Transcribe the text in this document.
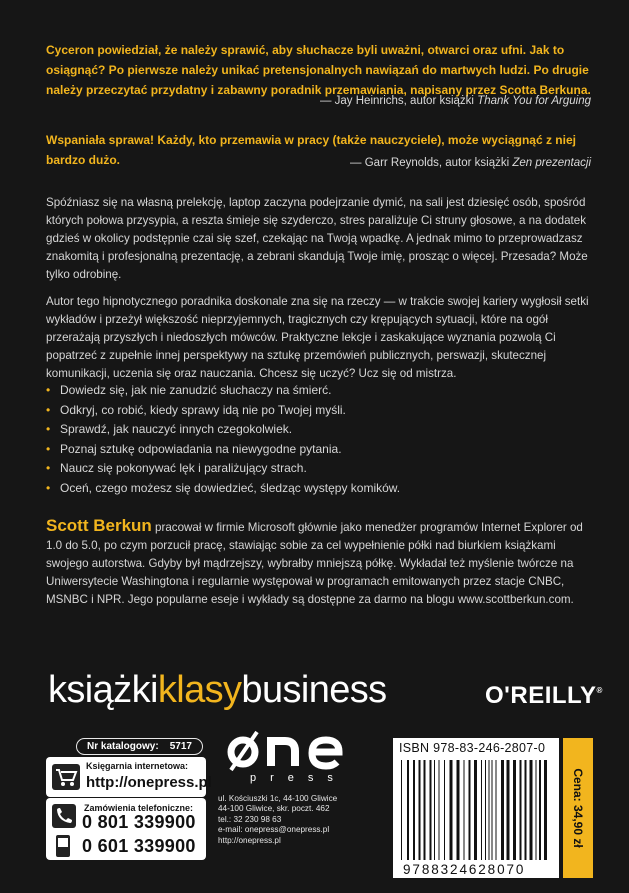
Cyceron powiedział, że należy sprawić, aby słuchacze byli uważni, otwarci oraz ufni. Jak to osiągnąć? Po pierwsze należy unikać pretensjonalnych nawiązań do martwych ludzi. Po drugie należy przeczytać przydatny i zabawny poradnik przemawiania, napisany przez Scotta Berkuna.
— Jay Heinrichs, autor książki Thank You for Arguing
Wspaniała sprawa! Każdy, kto przemawia w pracy (także nauczyciele), może wyciągnąć z niej bardzo dużo.	— Garr Reynolds, autor książki Zen prezentacji
Spóźniasz się na własną prelekcję, laptop zaczyna podejrzanie dymić, na sali jest dziesięć osób, spośród których połowa przysypia, a reszta śmieje się szyderczo, stres paraliżuje Ci struny głosowe, a na dodatek gdzieś w okolicy podstępnie czai się szef, czekając na Twoją wpadkę. A jednak mimo to przeprowadzasz znakomitą i profesjonalną prezentację, a zebrani skandują Twoje imię, prosząc o więcej. Przesada? Może tylko odrobinę.
Autor tego hipnotycznego poradnika doskonale zna się na rzeczy — w trakcie swojej kariery wygłosił setki wykładów i przeżył większość nieprzyjemnych, tragicznych czy krępujących sytuacji, które na ogół przerażają przyszłych i niedoszłych mówców. Praktyczne lekcje i zaskakujące wyznania pozwolą Ci popatrzeć z zupełnie innej perspektywy na sztukę przemówień publicznych, perswazji, skutecznej komunikacji, uczenia się oraz nauczania. Chcesz się uczyć? Ucz się od mistrza.
• Dowiedz się, jak nie zanudzić słuchaczy na śmierć.
• Odkryj, co robić, kiedy sprawy idą nie po Twojej myśli.
• Sprawdź, jak nauczyć innych czegokolwiek.
• Poznaj sztukę odpowiadania na niewygodne pytania.
• Naucz się pokonywać lęk i paraliżujący strach.
• Oceń, czego możesz się dowiedzieć, śledząc występy komików.
Scott Berkun pracował w firmie Microsoft głównie jako menedżer programów Internet Explorer od 1.0 do 5.0, po czym porzucił pracę, stawiając sobie za cel wypełnienie półki nad biurkiem książkami swojego autorstwa. Gdyby był mądrzejszy, wybrałby mniejszą półkę. Wykładał też myślenie twórcze na Uniwersytecie Washingtona i regularnie występował w programach emitowanych przez stacje CNBC, MSNBC i NPR. Jego popularne eseje i wykłady są dostępne za darmo na blogu www.scottberkun.com.
książkiklasybusiness	O'REILLY®
Nr katalogowy: 5717
Księgarnia internetowa:
http://onepress.pl
Zamówienia telefoniczne:
0 801 339900
0 601 339900
press
ul. Kościuszki 1c, 44-100 Gliwice
44-100 Gliwice, skr. poczt. 462
tel.: 32 230 98 63
e-mail: onepress@onepress.pl
http://onepress.pl
ISBN 978-83-246-2807-0
9788324628070
Cena: 34,90 zł
